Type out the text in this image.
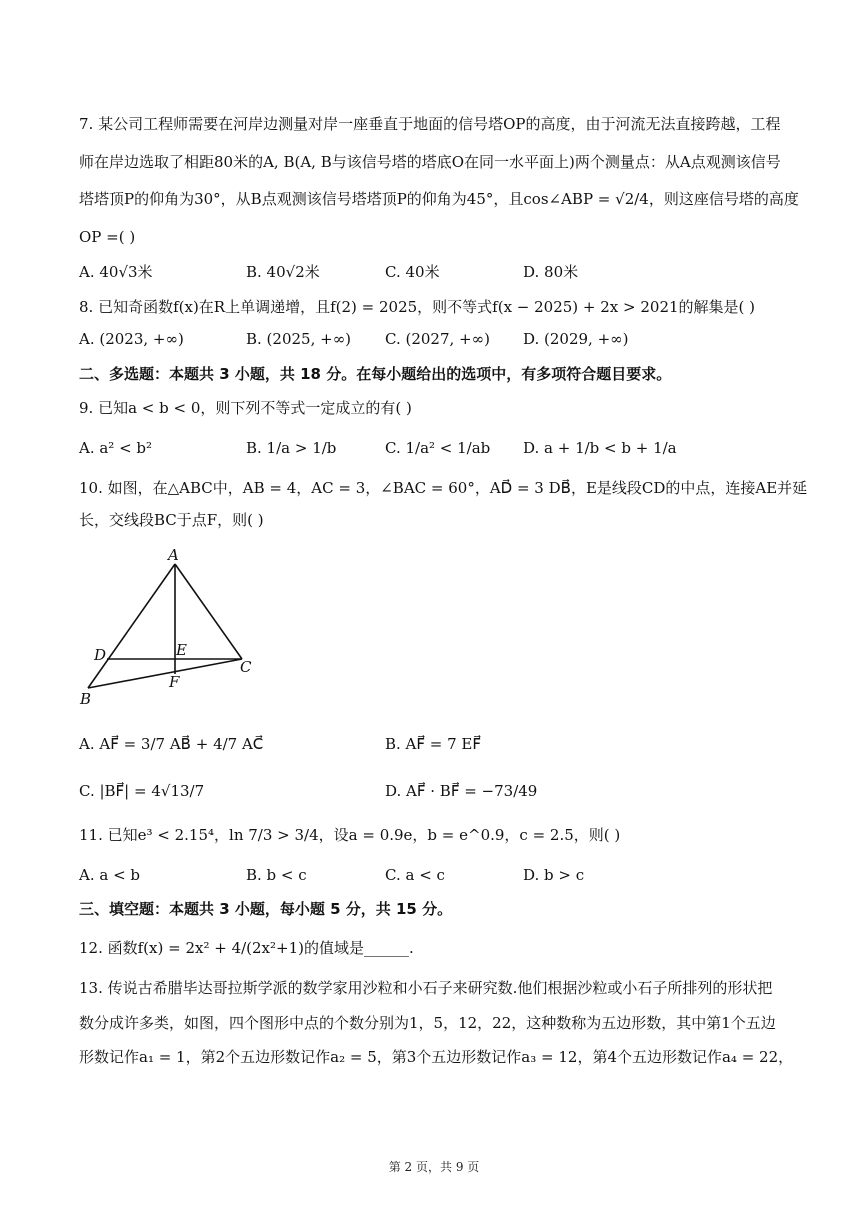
7. 某公司工程师需要在河岸边测量对岸一座垂直于地面的信号塔OP的高度，由于河流无法直接跨越，工程
师在岸边选取了相距80米的A, B(A, B与该信号塔的塔底O在同一水平面上)两个测量点：从A点观测该信号
塔塔顶P的仰角为30°，从B点观测该信号塔塔顶P的仰角为45°，且cos∠ABP = √2/4，则这座信号塔的高度
OP =( )
A. 40√3米	B. 40√2米	C. 40米	D. 80米
8. 已知奇函数f(x)在R上单调递增，且f(2) = 2025，则不等式f(x − 2025) + 2x > 2021的解集是( )
A. (2023, +∞)	B. (2025, +∞) C. (2027, +∞) D. (2029, +∞)
二、多选题：本题共 3 小题，共 18 分。在每小题给出的选项中，有多项符合题目要求。
9. 已知a < b < 0，则下列不等式一定成立的有( )
A. a² < b²	B. 1/a > 1/b	C. 1/a² < 1/ab D. a + 1/b < b + 1/a
10. 如图，在△ABC中，AB = 4，AC = 3，∠BAC = 60°，AD⃗ = 3 DB⃗，E是线段CD的中点，连接AE并延
长，交线段BC于点F，则( )
A
D	E
C
F
B
A. AF⃗ = 3/7 AB⃗ + 4/7 AC⃗	B. AF⃗ = 7 EF⃗
C. |BF⃗| = 4√13/7	D. AF⃗ · BF⃗ = −73/49
11. 已知e³ < 2.15⁴，ln 7/3 > 3/4，设a = 0.9e，b = e^0.9，c = 2.5，则( )
A. a < b	B. b < c	C. a < c	D. b > c
三、填空题：本题共 3 小题，每小题 5 分，共 15 分。
12. 函数f(x) = 2x² + 4/(2x²+1)的值域是______.
13. 传说古希腊毕达哥拉斯学派的数学家用沙粒和小石子来研究数.他们根据沙粒或小石子所排列的形状把
数分成许多类，如图，四个图形中点的个数分别为1，5，12，22，这种数称为五边形数，其中第1个五边
形数记作a₁ = 1，第2个五边形数记作a₂ = 5，第3个五边形数记作a₃ = 12，第4个五边形数记作a₄ = 22，
第 2 页，共 9 页
